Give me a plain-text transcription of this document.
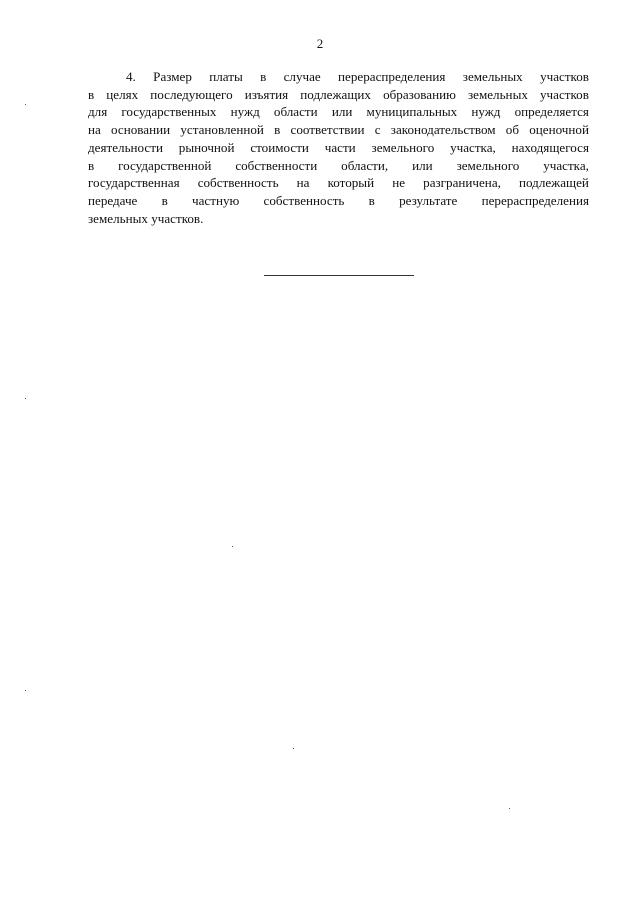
2
4. Размер платы в случае перераспределения земельных участков
в целях последующего изъятия подлежащих образованию земельных участков
для государственных нужд области или муниципальных нужд определяется
на основании установленной в соответствии с законодательством об оценочной
деятельности рыночной стоимости части земельного участка, находящегося
в государственной собственности области, или земельного участка,
государственная собственность на который не разграничена, подлежащей
передаче в частную собственность в результате перераспределения
земельных участков.
